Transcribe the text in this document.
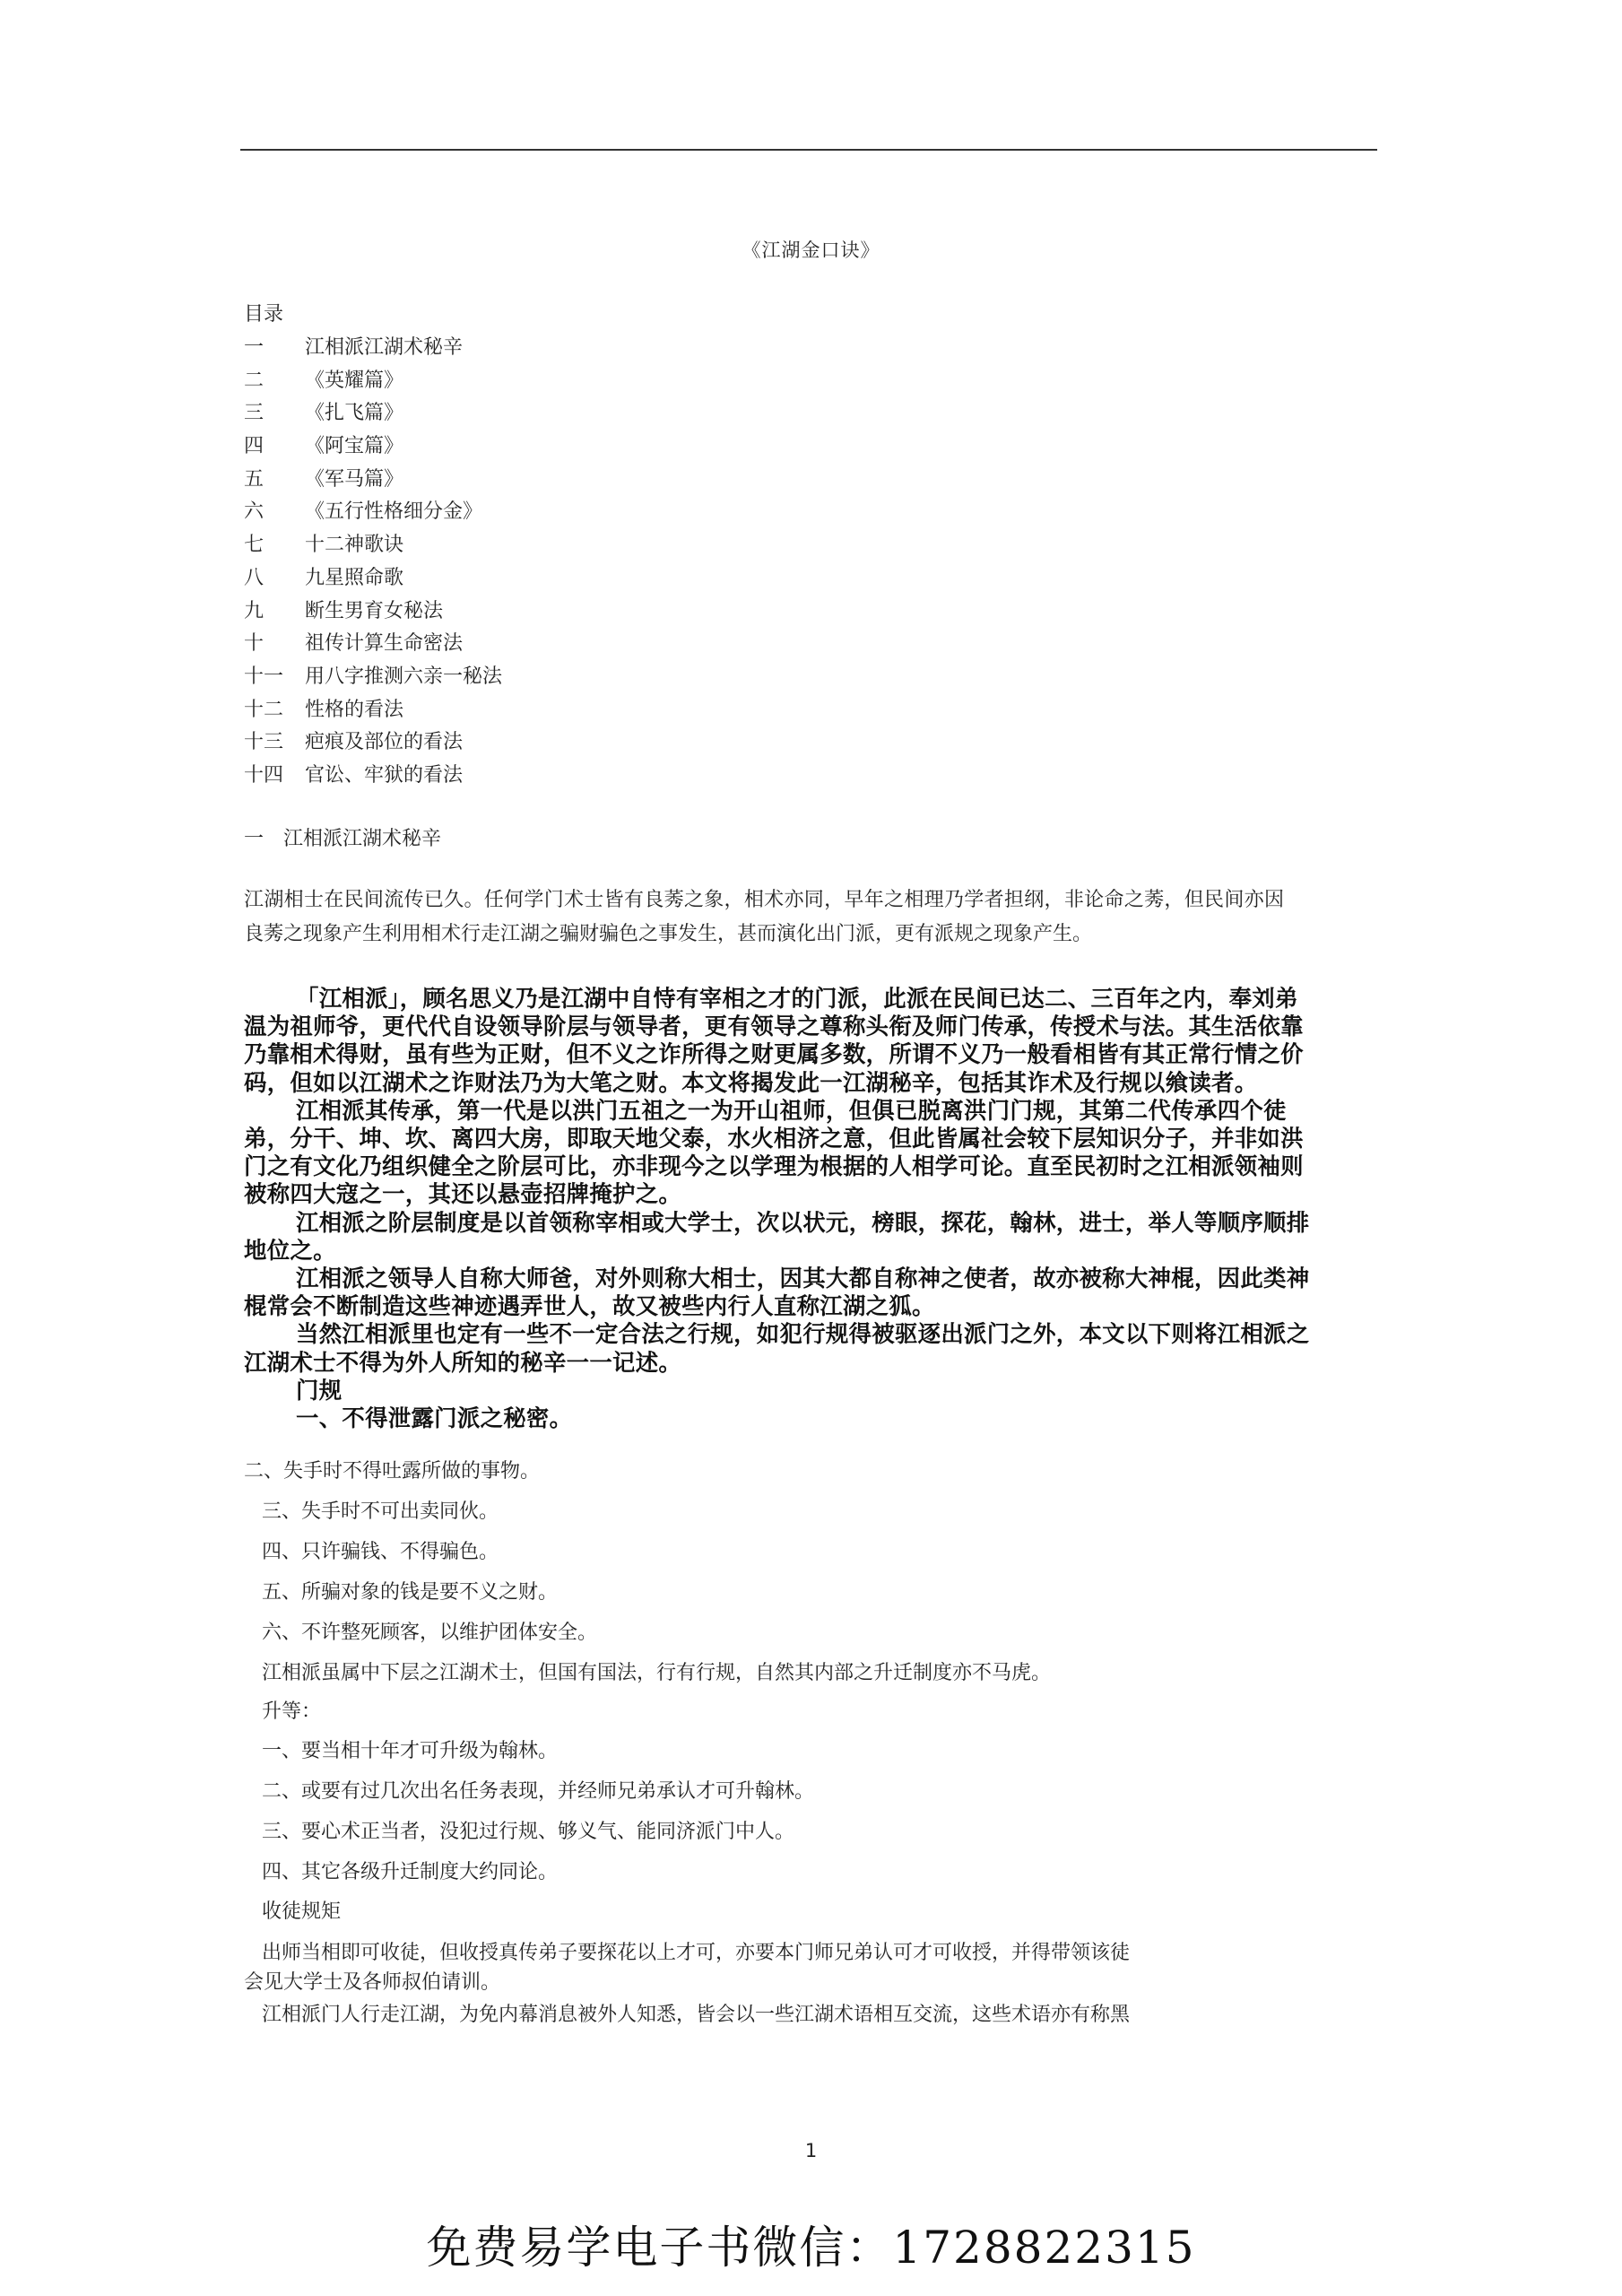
《江湖金口诀》
目录
一 江相派江湖术秘辛
二 《英耀篇》
三 《扎飞篇》
四 《阿宝篇》
五 《军马篇》
六 《五行性格细分金》
七 十二神歌诀
八 九星照命歌
九 断生男育女秘法
十 祖传计算生命密法
十一 用八字推测六亲一秘法
十二 性格的看法
十三 疤痕及部位的看法
十四 官讼、牢狱的看法
一 江相派江湖术秘辛
江湖相士在民间流传已久。任何学门术士皆有良莠之象，相术亦同，早年之相理乃学者担纲，非论命之莠，但民间亦因良莠之现象产生利用相术行走江湖之骗财骗色之事发生，甚而演化出门派，更有派规之现象产生。

「江相派」，顾名思义乃是江湖中自恃有宰相之才的门派，此派在民间已达二、三百年之内，奉刘弟

温为祖师爷，更代代自设领导阶层与领导者，更有领导之尊称头衔及师门传承，传授术与法。其生活依靠

乃靠相术得财，虽有些为正财，但不义之诈所得之财更属多数，所谓不义乃一般看相皆有其正常行情之价

码，但如以江湖术之诈财法乃为大笔之财。本文将揭发此一江湖秘辛，包括其诈术及行规以飨读者。

江相派其传承，第一代是以洪门五祖之一为开山祖师，但俱已脱离洪门门规，其第二代传承四个徒

弟，分干、坤、坎、离四大房，即取天地父泰，水火相济之意，但此皆属社会较下层知识分子，并非如洪

门之有文化乃组织健全之阶层可比，亦非现今之以学理为根据的人相学可论。直至民初时之江相派领袖则

被称四大寇之一，其还以悬壶招牌掩护之。

江相派之阶层制度是以首领称宰相或大学士，次以状元，榜眼，探花，翰林，进士，举人等顺序顺排

地位之。

江相派之领导人自称大师爸，对外则称大相士，因其大都自称神之使者，故亦被称大神棍，因此类神

棍常会不断制造这些神迹遇弄世人，故又被些内行人直称江湖之狐。

当然江相派里也定有一些不一定合法之行规，如犯行规得被驱逐出派门之外，本文以下则将江相派之

江湖术士不得为外人所知的秘辛一一记述。

门规

一、不得泄露门派之秘密。

二、失手时不得吐露所做的事物。
三、失手时不可出卖同伙。
四、只许骗钱、不得骗色。
五、所骗对象的钱是要不义之财。
六、不许整死顾客，以维护团体安全。
江相派虽属中下层之江湖术士，但国有国法，行有行规，自然其内部之升迁制度亦不马虎。
升等：
一、要当相十年才可升级为翰林。
二、或要有过几次出名任务表现，并经师兄弟承认才可升翰林。
三、要心术正当者，没犯过行规、够义气、能同济派门中人。
四、其它各级升迁制度大约同论。
收徒规矩
出师当相即可收徒，但收授真传弟子要探花以上才可，亦要本门师兄弟认可才可收授，并得带领该徒
会见大学士及各师叔伯请训。
江相派门人行走江湖，为免内幕消息被外人知悉，皆会以一些江湖术语相互交流，这些术语亦有称黑
1
免费易学电子书微信：1728822315
